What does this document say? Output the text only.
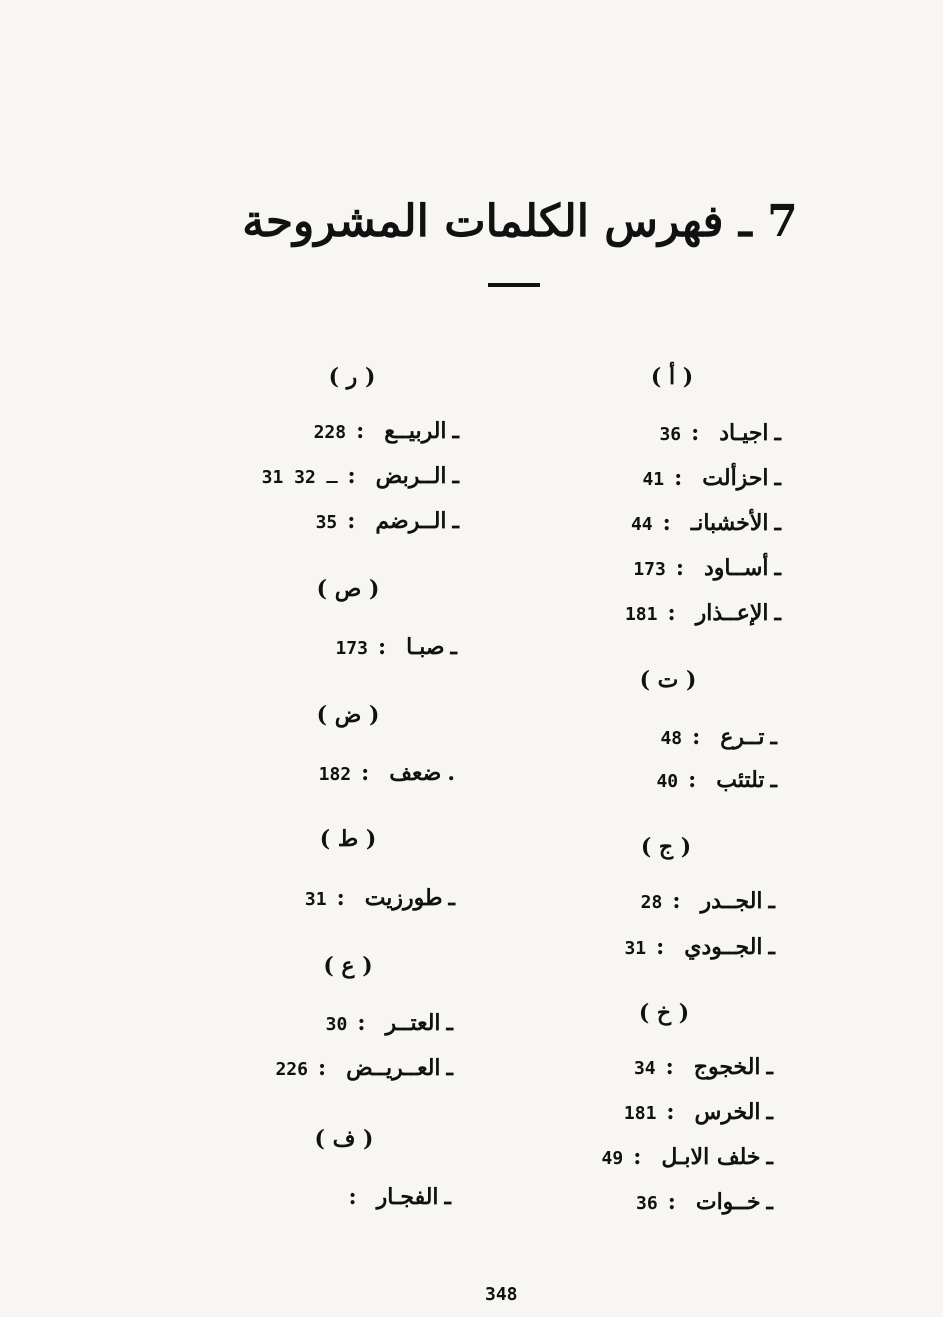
7 ـ فهرس الكلمات المشروحة
( أ )
ـ
اجيـاد
:
36
ـ
احزألت
:
41
ـ
الأخشبانـ
:
44
ـ
أســاود
:
173
ـ
الإعــذار
:
181
( ت )
ـ
تــرع
:
48
ـ
تلتئب
:
40
( ج )
ـ
الجــدر
:
28
ـ
الجــودي
:
31
( خ )
ـ
الخجوج
:
34
ـ
الخرس
:
181
ـ
خلف الابـل
:
49
ـ
خــوات
:
36
( ر )
ـ
الربيــع
:
228
ـ
الــربض
:
31 ـ 32
ـ
الــرضم
:
35
( ص )
ـ
صبـا
:
173
( ض )
.
ضعف
:
182
( ط )
ـ
طورزيت
:
31
( ع )
ـ
العتــر
:
30
ـ
العــريــض
:
226
( ف )
ـ
الفجـار
:
348
